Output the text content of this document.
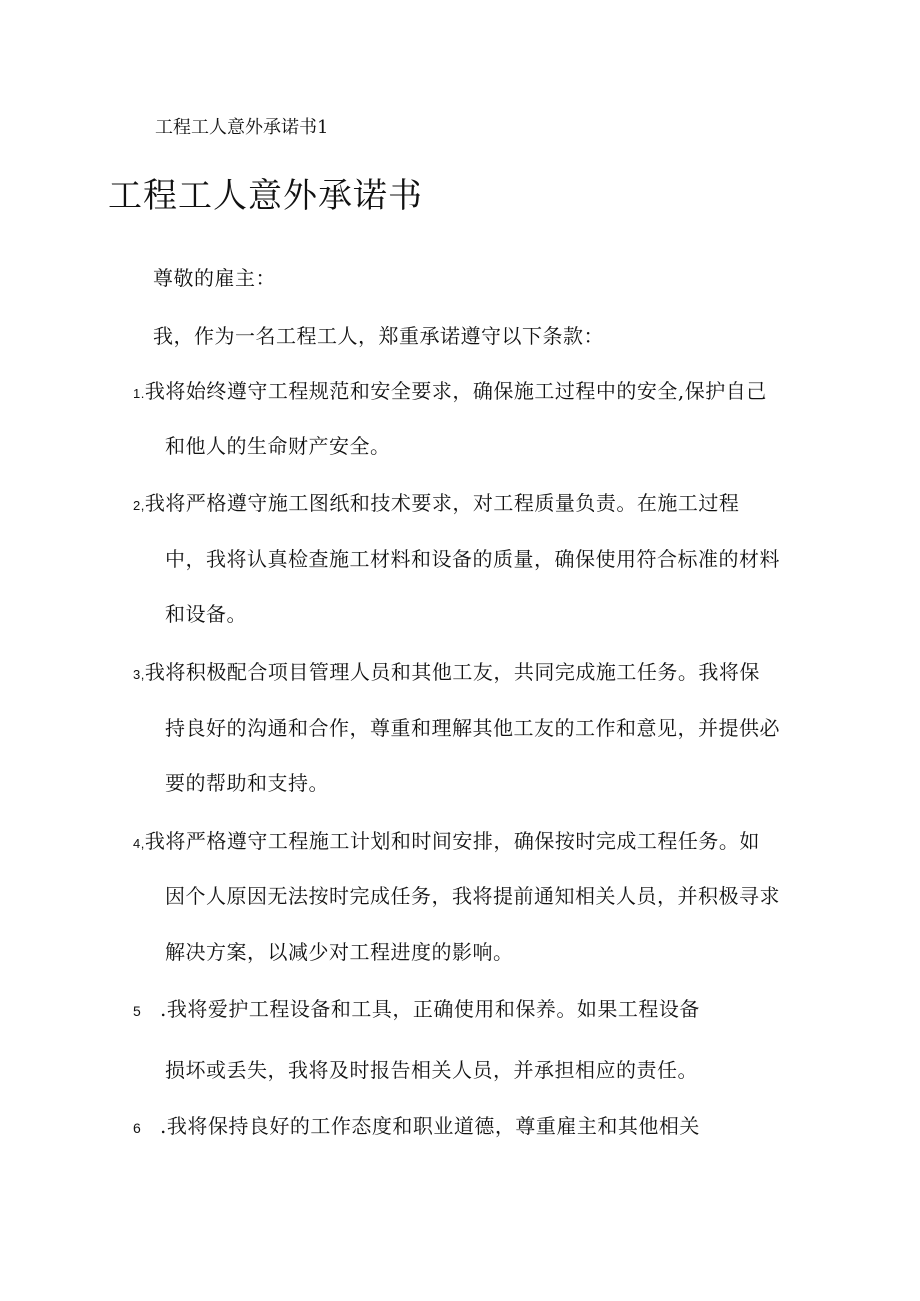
工程工人意外承诺书1
工程工人意外承诺书
尊敬的雇主：
我，作为一名工程工人，郑重承诺遵守以下条款：
1.我将始终遵守工程规范和安全要求，确保施工过程中的安全,保护自己
和他人的生命财产安全。
2,我将严格遵守施工图纸和技术要求，对工程质量负责。在施工过程
中，我将认真检查施工材料和设备的质量，确保使用符合标准的材料
和设备。
3,我将积极配合项目管理人员和其他工友，共同完成施工任务。我将保
持良好的沟通和合作，尊重和理解其他工友的工作和意见，并提供必
要的帮助和支持。
4,我将严格遵守工程施工计划和时间安排，确保按时完成工程任务。如
因个人原因无法按时完成任务，我将提前通知相关人员，并积极寻求
解决方案，以减少对工程进度的影响。
5 .我将爱护工程设备和工具，正确使用和保养。如果工程设备
损坏或丢失，我将及时报告相关人员，并承担相应的责任。
6 .我将保持良好的工作态度和职业道德，尊重雇主和其他相关
